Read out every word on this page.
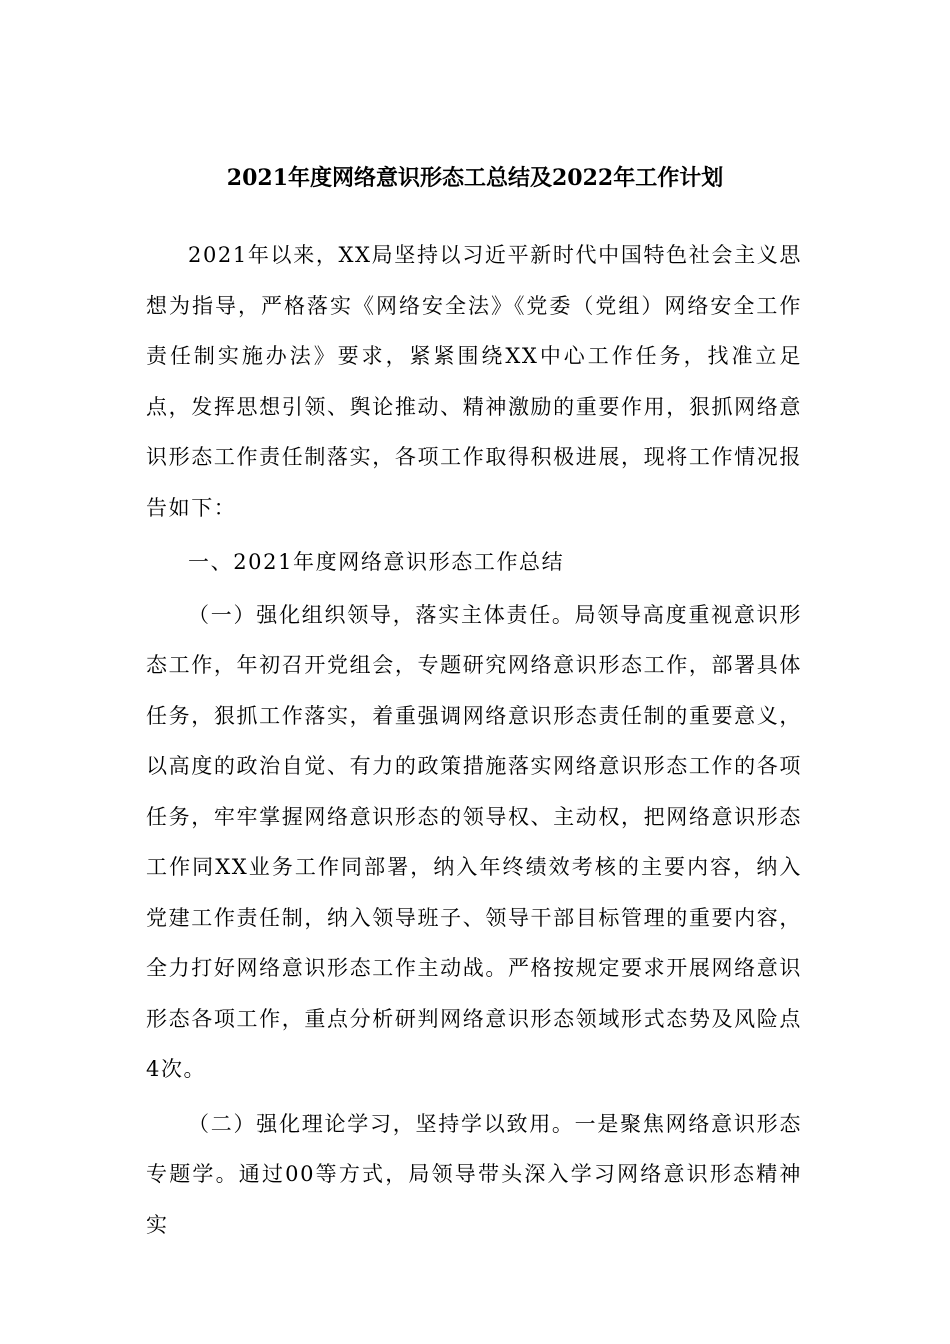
2021年度网络意识形态工总结及2022年工作计划

2021年以来，XX局坚持以习近平新时代中国特色社会主义思想为指导，严格落实《网络安全法》《党委（党组）网络安全工作责任制实施办法》要求，紧紧围绕XX中心工作任务，找准立足点，发挥思想引领、舆论推动、精神激励的重要作用，狠抓网络意识形态工作责任制落实，各项工作取得积极进展，现将工作情况报告如下：

一、2021年度网络意识形态工作总结

（一）强化组织领导，落实主体责任。局领导高度重视意识形态工作，年初召开党组会，专题研究网络意识形态工作，部署具体任务，狠抓工作落实，着重强调网络意识形态责任制的重要意义，以高度的政治自觉、有力的政策措施落实网络意识形态工作的各项任务，牢牢掌握网络意识形态的领导权、主动权，把网络意识形态工作同XX业务工作同部署，纳入年终绩效考核的主要内容，纳入党建工作责任制，纳入领导班子、领导干部目标管理的重要内容，全力打好网络意识形态工作主动战。严格按规定要求开展网络意识形态各项工作，重点分析研判网络意识形态领域形式态势及风险点4次。

（二）强化理论学习，坚持学以致用。一是聚焦网络意识形态专题学。通过00等方式，局领导带头深入学习网络意识形态精神实
